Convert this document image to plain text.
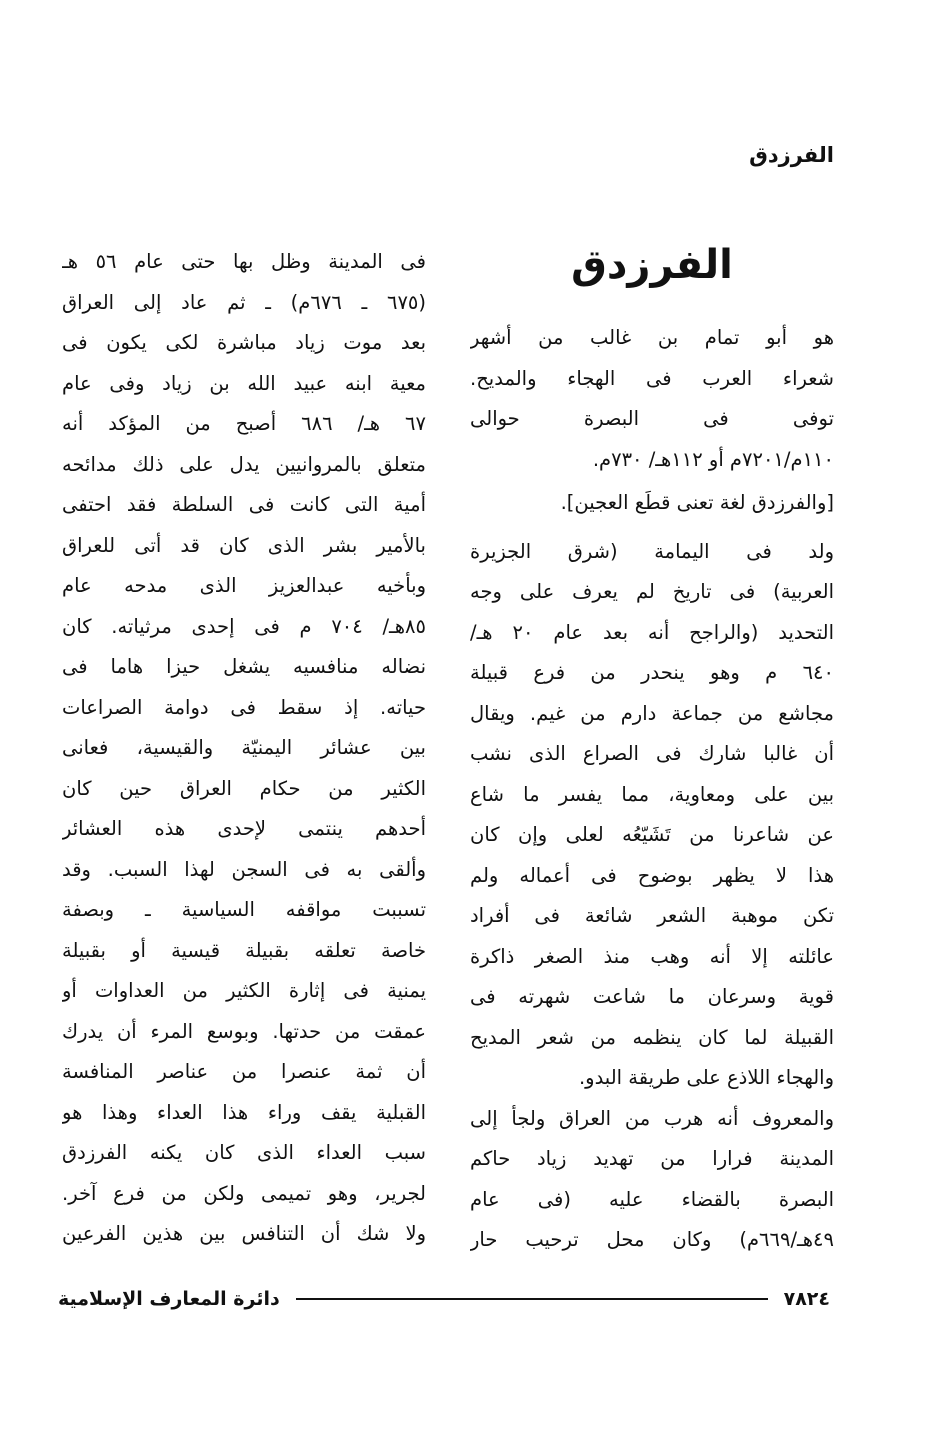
الفرزدق
الفرزدق
هو أبو تمام بن غالب من أشهر
شعراء العرب فى الهجاء والمديح.
توفى فى البصرة حوالى
١١٠م/٧٢٠١م أو ١١٢هـ/ ٧٣٠م.
[والفرزدق لغة تعنى قطَع العجين].
ولد فى اليمامة (شرق الجزيرة
العربية) فى تاريخ لم يعرف على وجه
التحديد (والراجح أنه بعد عام ٢٠ هـ/
٦٤٠ م وهو ينحدر من فرع قبيلة
مجاشع من جماعة دارم من غيم. ويقال
أن غالبا شارك فى الصراع الذى نشب
بين على ومعاوية، مما يفسر ما شاع
عن شاعرنا من تَشَيّعُه لعلى وإن كان
هذا لا يظهر بوضوح فى أعماله ولم
تكن موهبة الشعر شائعة فى أفراد
عائلته إلا أنه وهب منذ الصغر ذاكرة
قوية وسرعان ما شاعت شهرته فى
القبيلة لما كان ينظمه من شعر المديح
والهجاء اللاذع على طريقة البدو.
والمعروف أنه هرب من العراق ولجأ إلى
المدينة فرارا من تهديد زياد حاكم
البصرة بالقضاء عليه (فى عام
٤٩هـ/٦٦٩م) وكان محل ترحيب حار
فى المدينة وظل بها حتى عام ٥٦ هـ
(٦٧٥ ـ ٦٧٦م) ـ ثم عاد إلى العراق
بعد موت زياد مباشرة لكى يكون فى
معية ابنه عبيد الله بن زياد وفى عام
٦٧ هـ/ ٦٨٦ أصبح من المؤكد أنه
متعلق بالمروانيين يدل على ذلك مدائحه
أمية التى كانت فى السلطة فقد احتفى
بالأمير بشر الذى كان قد أتى للعراق
وبأخيه عبدالعزيز الذى مدحه عام
٨٥هـ/ ٧٠٤ م فى إحدى مرثياته. كان
نضاله منافسيه يشغل حيزا هاما فى
حياته. إذ سقط فى دوامة الصراعات
بين عشائر اليمنيّة والقيسية، فعانى
الكثير من حكام العراق حين كان
أحدهم ينتمى لإحدى هذه العشائر
وألقى به فى السجن لهذا السبب. وقد
تسببت مواقفه السياسية ـ وبصفة
خاصة تعلقه بقبيلة قيسية أو بقبيلة
يمنية فى إثارة الكثير من العداوات أو
عمقت من حدتها. وبوسع المرء أن يدرك
أن ثمة عنصرا من عناصر المنافسة
القبلية يقف وراء هذا العداء وهذا هو
سبب العداء الذى كان يكنه الفرزدق
لجرير، وهو تميمى ولكن من فرع آخر.
ولا شك أن التنافس بين هذين الفرعين
٧٨٢٤
دائرة المعارف الإسلامية
